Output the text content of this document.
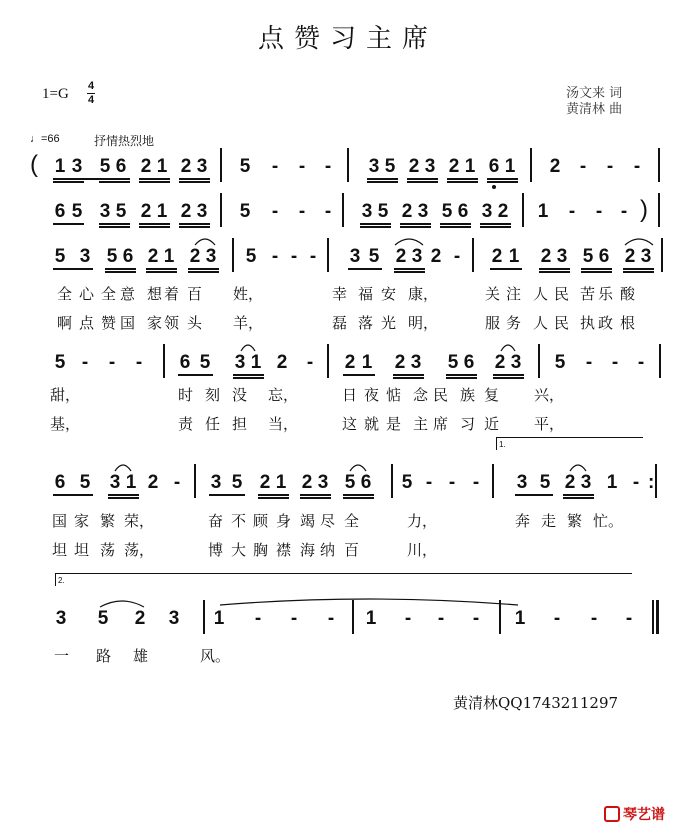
点赞习主席
1=G 4
4	汤文来 词
黄清林 曲
♩=66	抒情热烈地
( 1 3 5 6 2 1 2 3 5 - - - 3 5 2 3 2 1 6 1 2 - - -
6 5 3 5 2 1 2 3 5 - - - 3 5 2 3 5 6 3 2 1 - - - )
5 3 5 6 2 1 2 3 5 - - - 3 5 2 3 2 - 2 1 2 3 5 6 2 3
全 心 全 意 想 着 百 姓，	幸 福 安 康，	关 注 人 民 苦 乐 酸
啊 点 赞 国 家 领 头 羊，	磊 落 光 明，	服 务 人 民 执 政 根
5 - - - 6 5 3 1 2 - 2 1 2 3 5 6 2 3 5 - - -
甜，	时 刻 没 忘，	日 夜 惦 念 民 族 复 兴，
基，	责 任 担 当，	这 就 是 主 席 习 近 平，
6 5 3 1 2 - 3 5 2 1 2 3 5 6 5 - - -
1.
3 5 2 3 1 - :
国 家 繁 荣，	奋 不 顾 身 竭 尽 全	力，	奔 走 繁 忙。
坦 坦 荡 荡，	博 大 胸 襟 海 纳 百	川，
2.
3 5 2 3 1 - - - 1 - - - 1 - - -
一 路 雄	风。
黄清林QQ1743211297
琴艺谱
